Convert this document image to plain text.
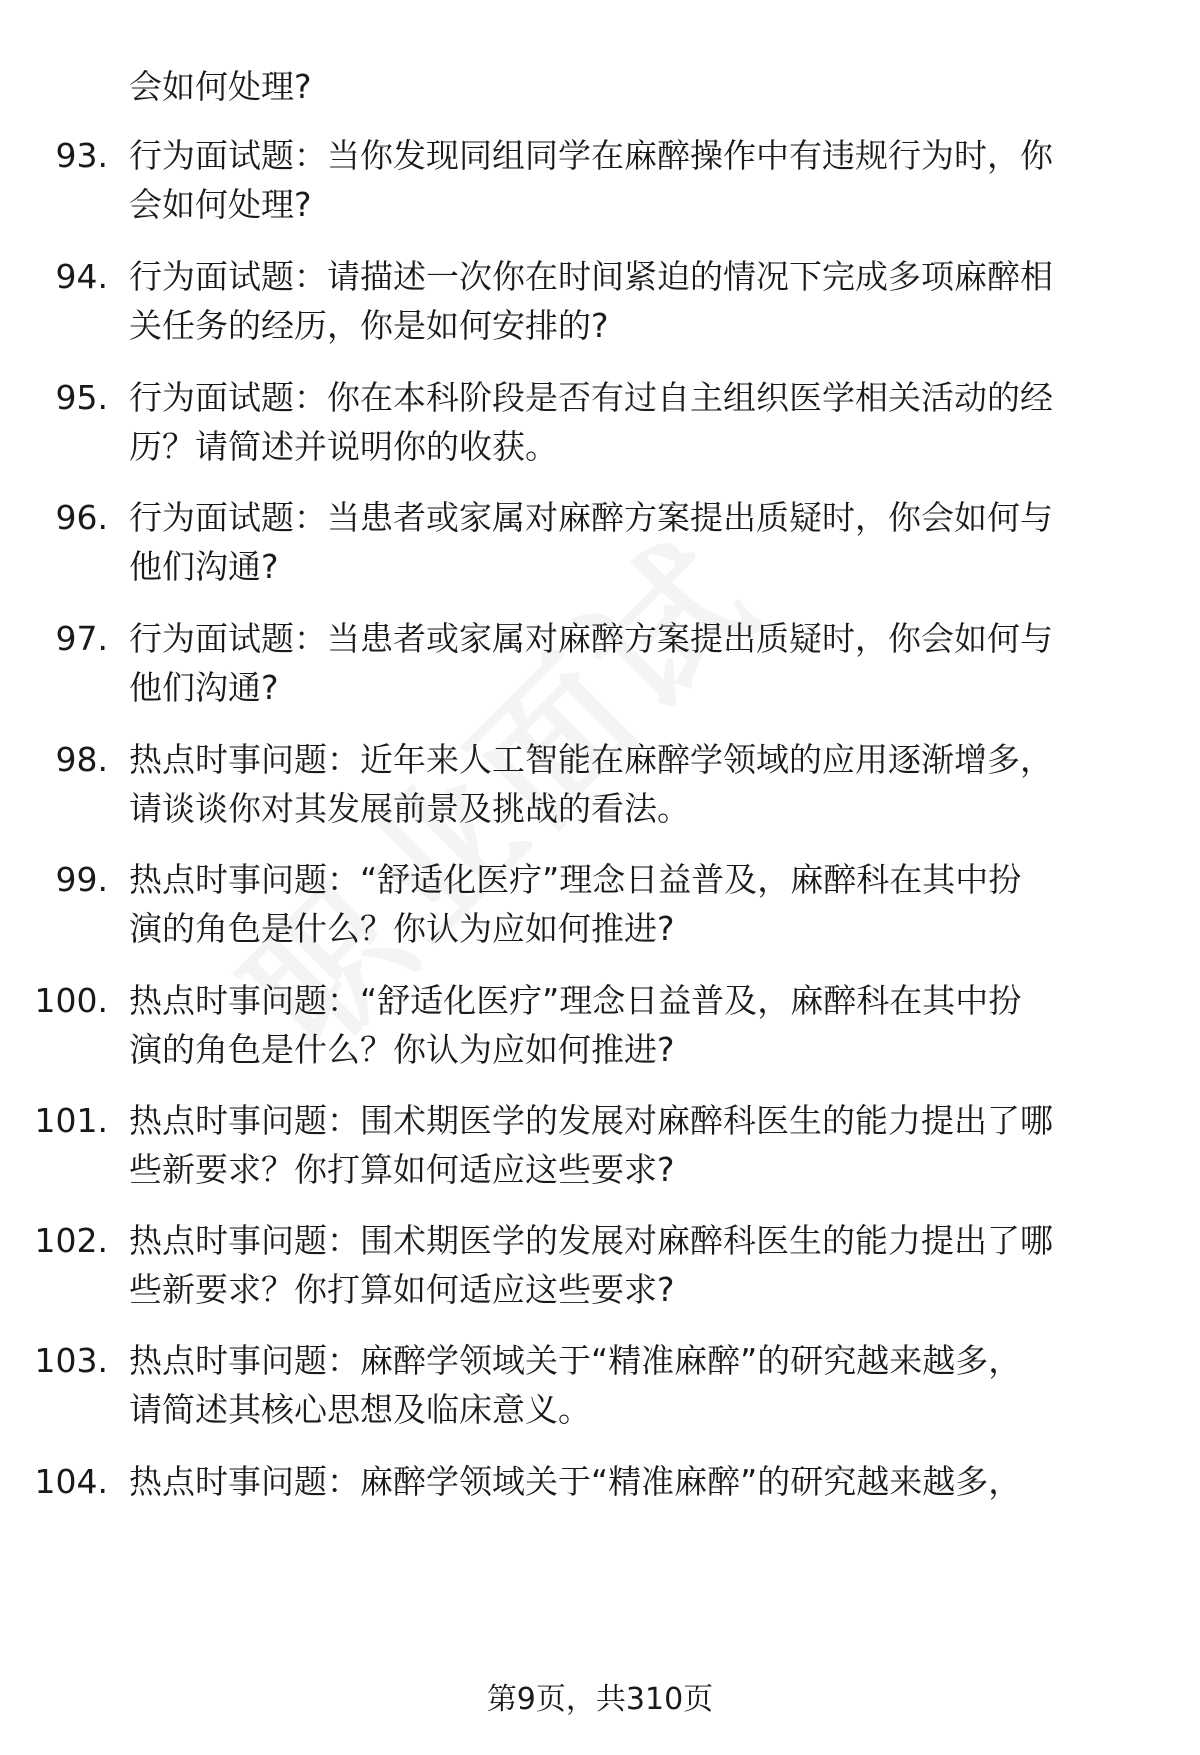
会如何处理?
93. 行为面试题：当你发现同组同学在麻醉操作中有违规行为时，你
会如何处理?
94. 行为面试题：请描述一次你在时间紧迫的情况下完成多项麻醉相
关任务的经历，你是如何安排的?
95. 行为面试题：你在本科阶段是否有过自主组织医学相关活动的经
历？请简述并说明你的收获。
96. 行为面试题：当患者或家属对麻醉方案提出质疑时，你会如何与
他们沟通?
97. 行为面试题：当患者或家属对麻醉方案提出质疑时，你会如何与
他们沟通?
98. 热点时事问题：近年来人工智能在麻醉学领域的应用逐渐增多，
请谈谈你对其发展前景及挑战的看法。
99. 热点时事问题：“舒适化医疗”理念日益普及，麻醉科在其中扮
演的角色是什么？你认为应如何推进?
100. 热点时事问题：“舒适化医疗”理念日益普及，麻醉科在其中扮
演的角色是什么？你认为应如何推进?
101. 热点时事问题：围术期医学的发展对麻醉科医生的能力提出了哪
些新要求？你打算如何适应这些要求?
102. 热点时事问题：围术期医学的发展对麻醉科医生的能力提出了哪
些新要求？你打算如何适应这些要求?
103. 热点时事问题：麻醉学领域关于“精准麻醉”的研究越来越多，
请简述其核心思想及临床意义。
104. 热点时事问题：麻醉学领域关于“精准麻醉”的研究越来越多，
第9页，共310页
